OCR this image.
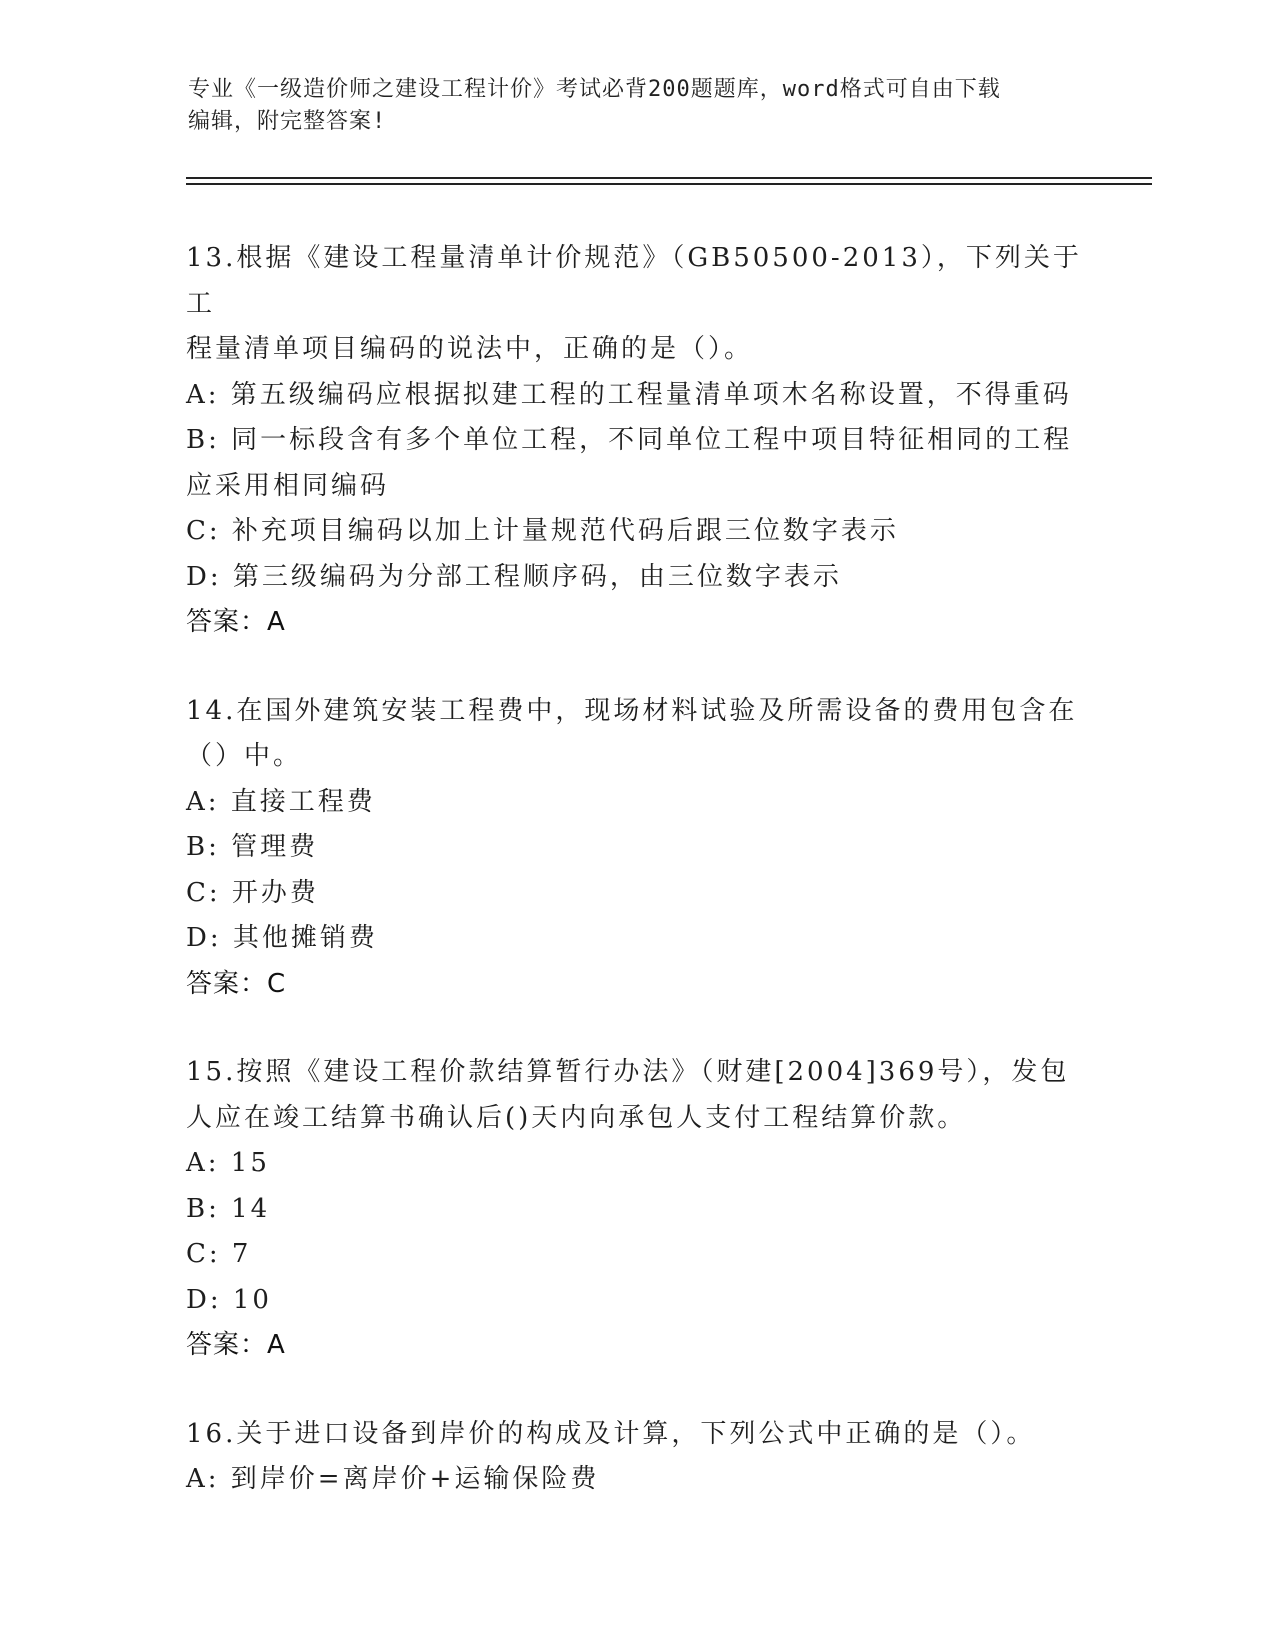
专业《一级造价师之建设工程计价》考试必背200题题库，word格式可自由下载
编辑，附完整答案!
13.根据《建设工程量清单计价规范》（GB50500-2013），下列关于工
程量清单项目编码的说法中，正确的是（）。
A: 第五级编码应根据拟建工程的工程量清单项木名称设置，不得重码
B: 同一标段含有多个单位工程，不同单位工程中项目特征相同的工程
应采用相同编码
C: 补充项目编码以加上计量规范代码后跟三位数字表示
D: 第三级编码为分部工程顺序码，由三位数字表示
答案：A
14.在国外建筑安装工程费中，现场材料试验及所需设备的费用包含在
（）中。
A: 直接工程费
B: 管理费
C: 开办费
D: 其他摊销费
答案：C
15.按照《建设工程价款结算暂行办法》（财建[2004]369号），发包
人应在竣工结算书确认后()天内向承包人支付工程结算价款。
A: 15
B: 14
C: 7
D: 10
答案：A
16.关于进口设备到岸价的构成及计算，下列公式中正确的是（）。
A: 到岸价=离岸价+运输保险费
